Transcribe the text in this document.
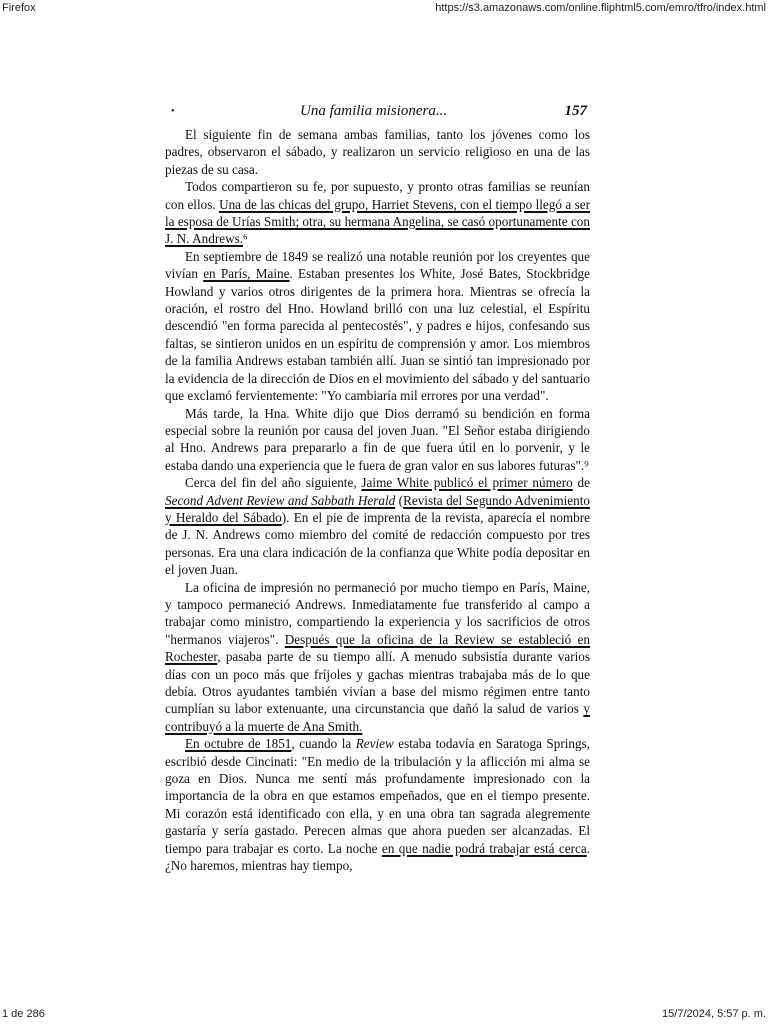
Firefox	https://s3.amazonaws.com/online.fliphtml5.com/emro/tfro/index.html
•	Una familia misionera...	157

El siguiente fin de semana ambas familias, tanto los jóvenes como los padres, observaron el sábado, y realizaron un servicio religioso en una de las piezas de su casa.

Todos compartieron su fe, por supuesto, y pronto otras familias se reunían con ellos. Una de las chicas del grupo, Harriet Stevens, con el tiempo llegó a ser la esposa de Urías Smith; otra, su hermana Angelina, se casó oportunamente con J. N. Andrews.⁶

En septiembre de 1849 se realizó una notable reunión por los creyentes que vivían en París, Maine. Estaban presentes los White, José Bates, Stockbridge Howland y varios otros dirigentes de la primera hora. Mientras se ofrecía la oración, el rostro del Hno. Howland brilló con una luz celestial, el Espíritu descendió "en forma parecida al pentecostés", y padres e hijos, confesando sus faltas, se sintieron unidos en un espíritu de comprensión y amor. Los miembros de la familia Andrews estaban también allí. Juan se sintió tan impresionado por la evidencia de la dirección de Dios en el movimiento del sábado y del santuario que exclamó fervientemente: "Yo cambiaría mil errores por una verdad".

Más tarde, la Hna. White dijo que Dios derramó su bendición en forma especial sobre la reunión por causa del joven Juan. "El Señor estaba dirigiendo al Hno. Andrews para prepararlo a fin de que fuera útil en lo porvenir, y le estaba dando una experiencia que le fuera de gran valor en sus labores futuras".⁹

Cerca del fin del año siguiente, Jaime White publicó el primer número de Second Advent Review and Sabbath Herald (Revista del Segundo Advenimiento y Heraldo del Sábado). En el pie de imprenta de la revista, aparecía el nombre de J. N. Andrews como miembro del comité de redacción compuesto por tres personas. Era una clara indicación de la confianza que White podía depositar en el joven Juan.

La oficina de impresión no permaneció por mucho tiempo en París, Maine, y tampoco permaneció Andrews. Inmediatamente fue transferido al campo a trabajar como ministro, compartiendo la experiencia y los sacrificios de otros "hermanos viajeros". Después que la oficina de la Review se estableció en Rochester, pasaba parte de su tiempo allí. A menudo subsistía durante varios días con un poco más que fríjoles y gachas mientras trabajaba más de lo que debía. Otros ayudantes también vivían a base del mismo régimen entre tanto cumplían su labor extenuante, una circunstancia que dañó la salud de varios y contribuyó a la muerte de Ana Smith.

En octubre de 1851, cuando la Review estaba todavía en Saratoga Springs, escribió desde Cincinati: "En medio de la tribulación y la aflicción mi alma se goza en Dios. Nunca me sentí más profundamente impresionado con la importancia de la obra en que estamos empeñados, que en el tiempo presente. Mi corazón está identificado con ella, y en una obra tan sagrada alegremente gastaría y sería gastado. Perecen almas que ahora pueden ser alcanzadas. El tiempo para trabajar es corto. La noche en que nadie podrá trabajar está cerca. ¿No haremos, mientras hay tiempo,

1 de 286	15/7/2024, 5:57 p. m.
